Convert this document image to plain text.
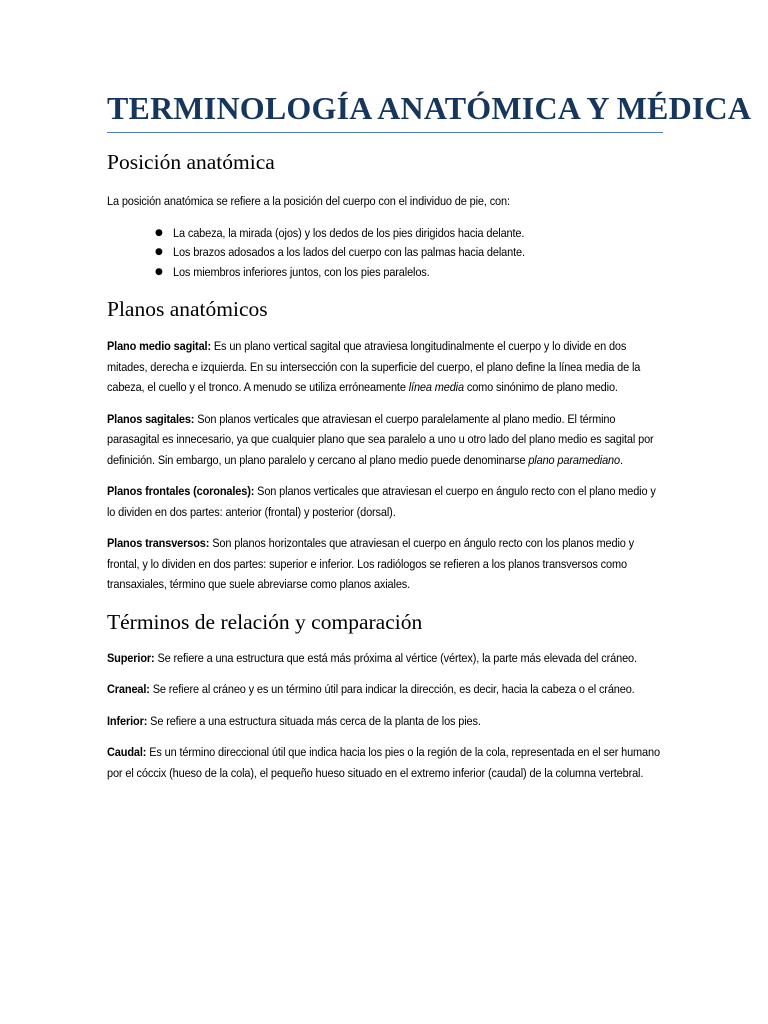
TERMINOLOGÍA ANATÓMICA Y MÉDICA
Posición anatómica

La posición anatómica se refiere a la posición del cuerpo con el individuo de pie, con:

● La cabeza, la mirada (ojos) y los dedos de los pies dirigidos hacia delante.
● Los brazos adosados a los lados del cuerpo con las palmas hacia delante.
● Los miembros inferiores juntos, con los pies paralelos.
Planos anatómicos

Plano medio sagital: Es un plano vertical sagital que atraviesa longitudinalmente el cuerpo y lo divide en dos mitades, derecha e izquierda. En su intersección con la superficie del cuerpo, el plano define la línea media de la cabeza, el cuello y el tronco. A menudo se utiliza erróneamente línea media como sinónimo de plano medio.

Planos sagitales: Son planos verticales que atraviesan el cuerpo paralelamente al plano medio. El término parasagital es innecesario, ya que cualquier plano que sea paralelo a uno u otro lado del plano medio es sagital por definición. Sin embargo, un plano paralelo y cercano al plano medio puede denominarse plano paramediano.

Planos frontales (coronales): Son planos verticales que atraviesan el cuerpo en ángulo recto con el plano medio y lo dividen en dos partes: anterior (frontal) y posterior (dorsal).

Planos transversos: Son planos horizontales que atraviesan el cuerpo en ángulo recto con los planos medio y frontal, y lo dividen en dos partes: superior e inferior. Los radiólogos se refieren a los planos transversos como transaxiales, término que suele abreviarse como planos axiales.

Términos de relación y comparación

Superior: Se refiere a una estructura que está más próxima al vértice (vértex), la parte más elevada del cráneo.

Craneal: Se refiere al cráneo y es un término útil para indicar la dirección, es decir, hacia la cabeza o el cráneo.

Inferior: Se refiere a una estructura situada más cerca de la planta de los pies.

Caudal: Es un término direccional útil que indica hacia los pies o la región de la cola, representada en el ser humano por el cóccix (hueso de la cola), el pequeño hueso situado en el extremo inferior (caudal) de la columna vertebral.
